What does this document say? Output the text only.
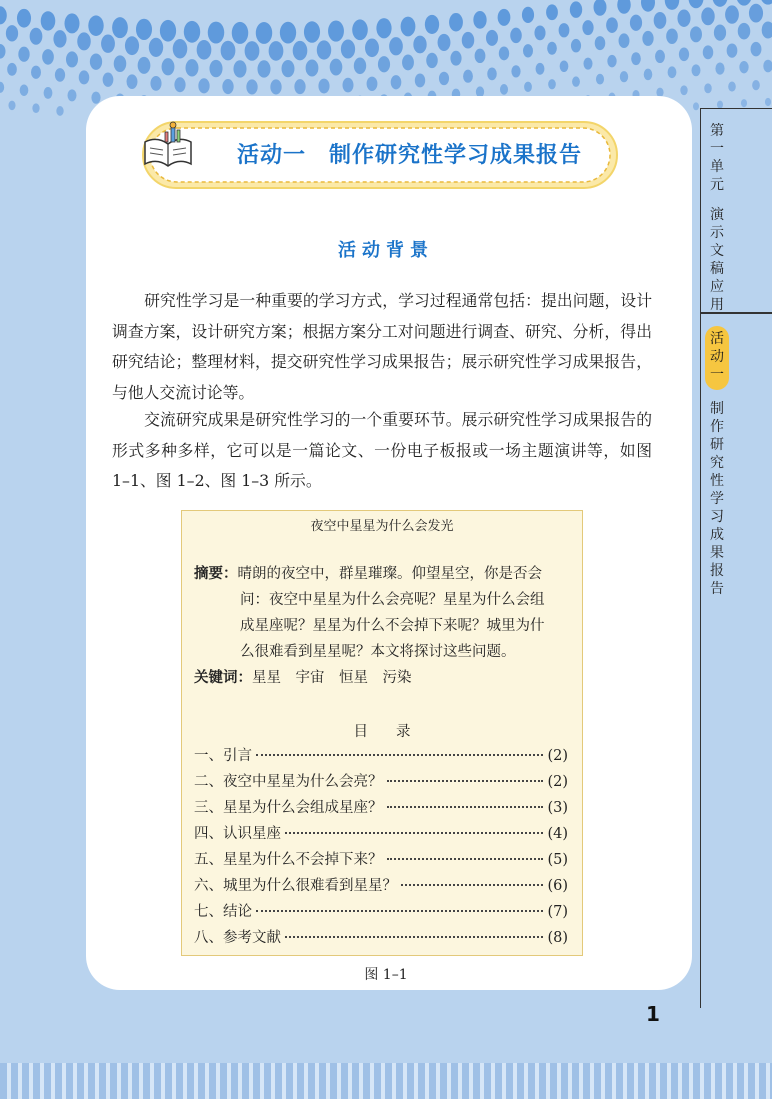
活动一　制作研究性学习成果报告
活动背景
研究性学习是一种重要的学习方式，学习过程通常包括：提出问题，设计调查方案，设计研究方案；根据方案分工对问题进行调查、研究、分析，得出研究结论；整理材料，提交研究性学习成果报告；展示研究性学习成果报告，与他人交流讨论等。
交流研究成果是研究性学习的一个重要环节。展示研究性学习成果报告的形式多种多样，它可以是一篇论文、一份电子板报或一场主题演讲等，如图 1–1、图 1–2、图 1–3 所示。
夜空中星星为什么会发光
摘要：晴朗的夜空中，群星璀璨。仰望星空，你是否会
问：夜空中星星为什么会亮呢？星星为什么会组
成星座呢？星星为什么不会掉下来呢？城里为什
么很难看到星星呢？本文将探讨这些问题。
关键词：星星　宇宙　恒星　污染
目录
一、引言	(2)
二、夜空中星星为什么会亮？	(2)
三、星星为什么会组成星座？	(3)
四、认识星座	(4)
五、星星为什么不会掉下来？	(5)
六、城里为什么很难看到星星？	(6)
七、结论	(7)
八、参考文献	(8)
图 1–1
1
第一单元
演示文稿应用
活动一
制作研究性学习成果报告
